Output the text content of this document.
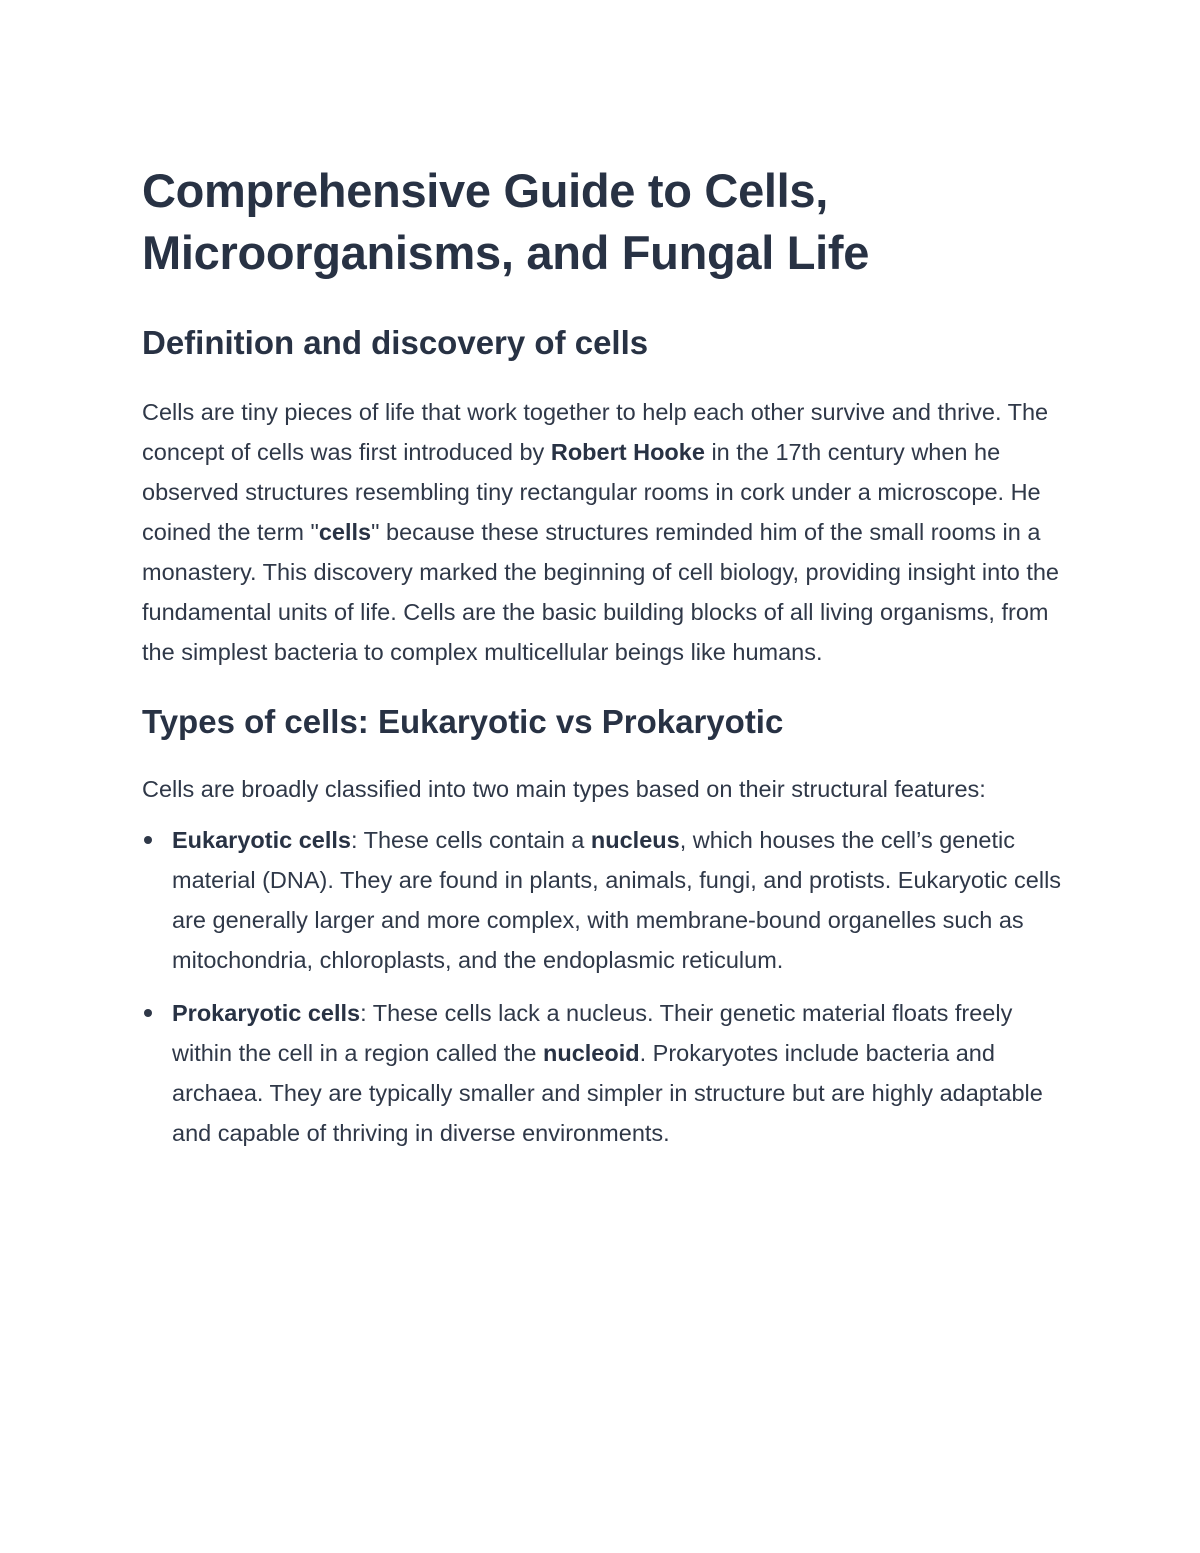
Comprehensive Guide to Cells, Microorganisms, and Fungal Life
Definition and discovery of cells

Cells are tiny pieces of life that work together to help each other survive and thrive. The concept of cells was first introduced by Robert Hooke in the 17th century when he observed structures resembling tiny rectangular rooms in cork under a microscope. He coined the term "cells" because these structures reminded him of the small rooms in a monastery. This discovery marked the beginning of cell biology, providing insight into the fundamental units of life. Cells are the basic building blocks of all living organisms, from the simplest bacteria to complex multicellular beings like humans.

Types of cells: Eukaryotic vs Prokaryotic

Cells are broadly classified into two main types based on their structural features:

Eukaryotic cells: These cells contain a nucleus, which houses the cell’s genetic material (DNA). They are found in plants, animals, fungi, and protists. Eukaryotic cells are generally larger and more complex, with membrane-bound organelles such as mitochondria, chloroplasts, and the endoplasmic reticulum.
Prokaryotic cells: These cells lack a nucleus. Their genetic material floats freely within the cell in a region called the nucleoid. Prokaryotes include bacteria and archaea. They are typically smaller and simpler in structure but are highly adaptable and capable of thriving in diverse environments.
